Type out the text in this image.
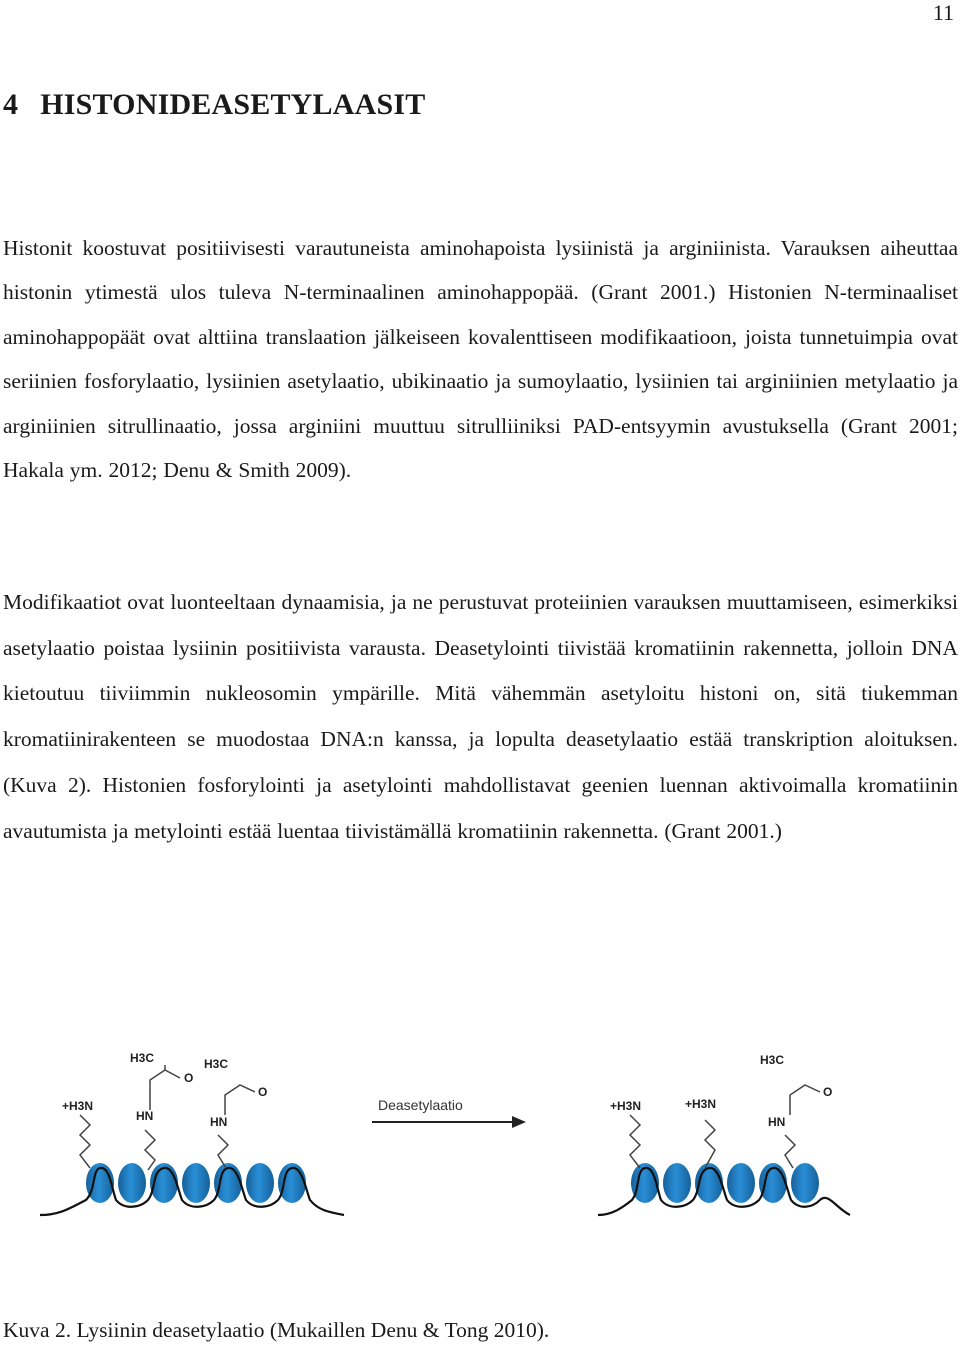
11
4 HISTONIDEASETYLAASIT

Histonit koostuvat positiivisesti varautuneista aminohapoista lysiinistä ja arginiinista. Varauksen aiheuttaa histonin ytimestä ulos tuleva N-terminaalinen aminohappopää. (Grant 2001.) Histonien N-terminaaliset aminohappopäät ovat alttiina translaation jälkeiseen kovalenttiseen modifikaatioon, joista tunnetuimpia ovat seriinien fosforylaatio, lysiinien asetylaatio, ubikinaatio ja sumoylaatio, lysiinien tai arginiinien metylaatio ja arginiinien sitrullinaatio, jossa arginiini muuttuu sitrulliiniksi PAD-entsyymin avustuksella (Grant 2001; Hakala ym. 2012; Denu & Smith 2009).

Modifikaatiot ovat luonteeltaan dynaamisia, ja ne perustuvat proteiinien varauksen muuttamiseen, esimerkiksi asetylaatio poistaa lysiinin positiivista varausta. Deasetylointi tiivistää kromatiinin rakennetta, jolloin DNA kietoutuu tiiviimmin nukleosomin ympärille. Mitä vähemmän asetyloitu histoni on, sitä tiukemman kromatiinirakenteen se muodostaa DNA:n kanssa, ja lopulta deasetylaatio estää transkription aloituksen. (Kuva 2). Histonien fosforylointi ja asetylointi mahdollistavat geenien luennan aktivoimalla kromatiinin avautumista ja metylointi estää luentaa tiivistämällä kromatiinin rakennetta. (Grant 2001.)

+H3N
HN	HN
H3C	H3C
O
O
Deasetylaatio	+H3N	+H3N
HN
H3C
O

Kuva 2. Lysiinin deasetylaatio (Mukaillen Denu & Tong 2010).
